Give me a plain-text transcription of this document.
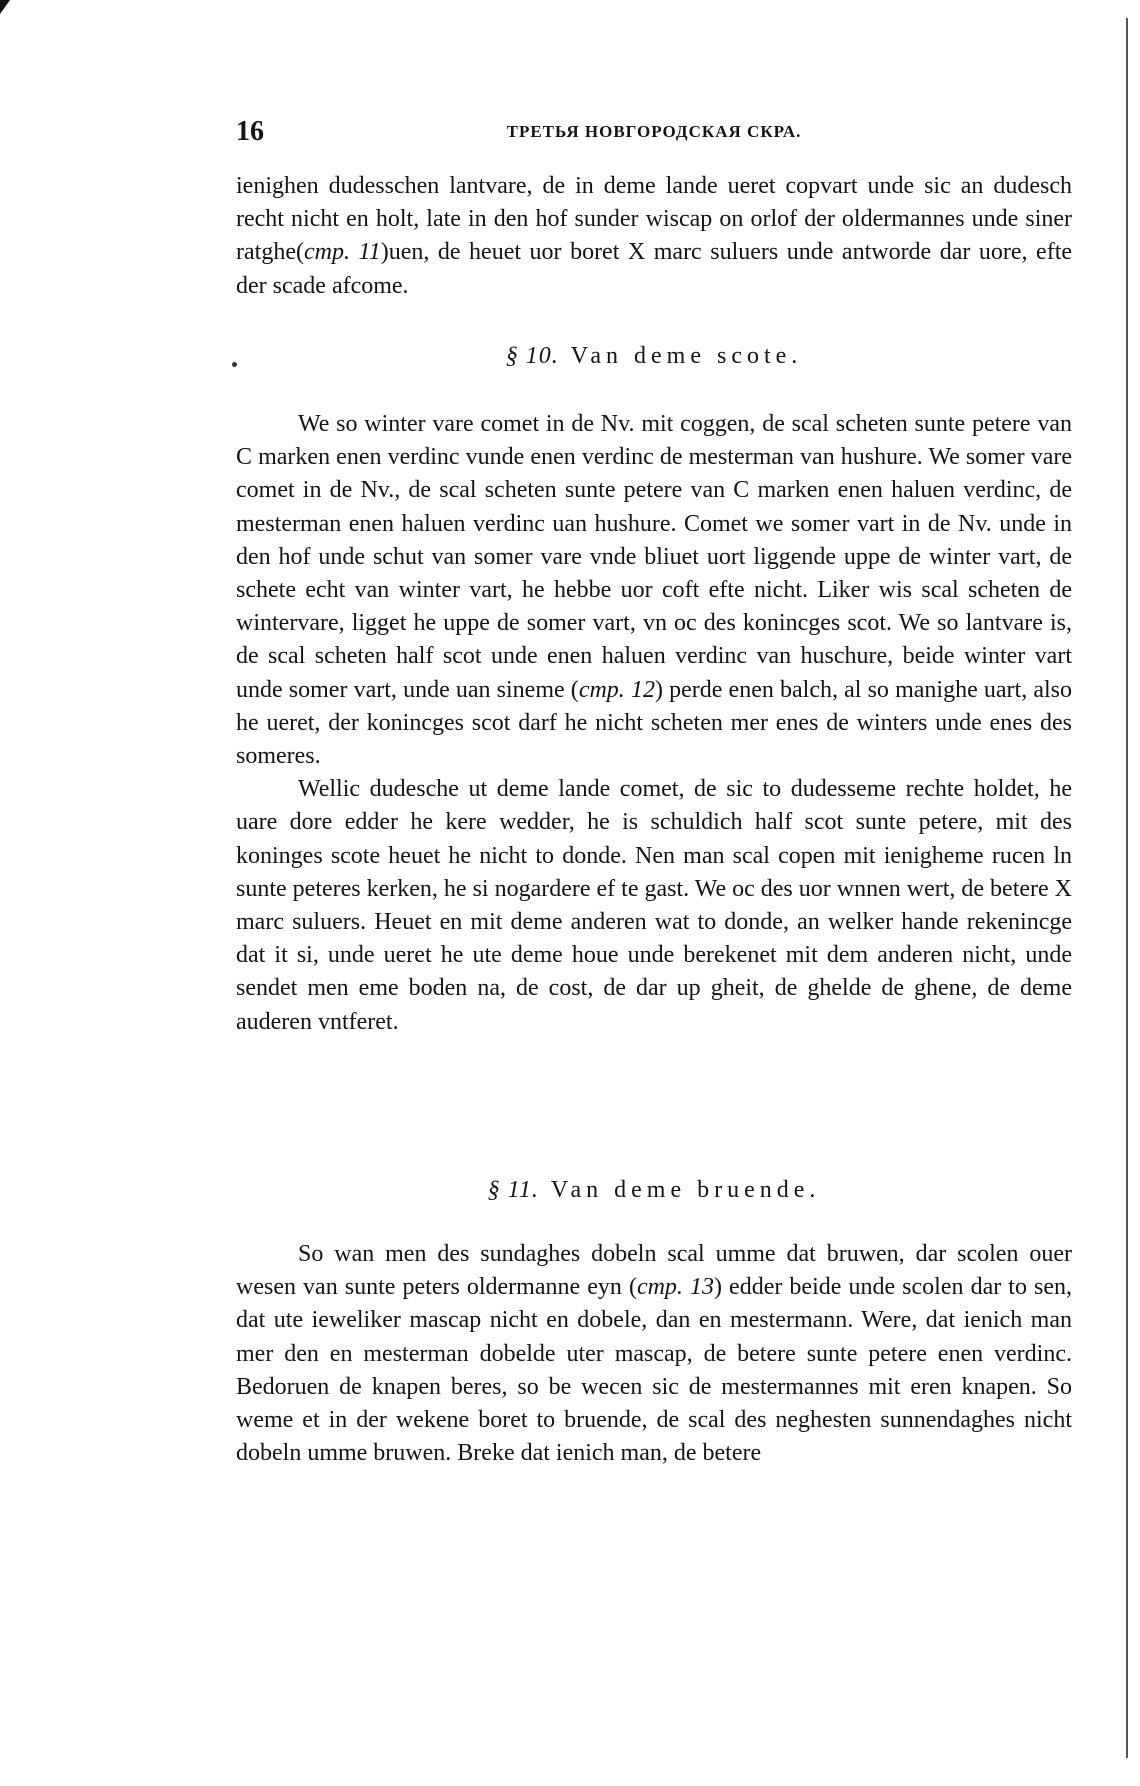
16	ТРЕТЬЯ НОВГОРОДСКАЯ СКРА.

ienighen dudesschen lantvare, de in deme lande ueret copvart unde sic an dudesch recht nicht en holt, late in den hof sunder wiscap on orlof der oldermannes unde siner ratghe(cmp. 11)uen, de heuet uor boret X marc suluers unde antworde dar uore, efte der scade afcome.

§ 10. Van deme scote.

We so winter vare comet in de Nv. mit coggen, de scal scheten sunte petere van C marken enen verdinc vunde enen verdinc de mesterman van hushure. We somer vare comet in de Nv., de scal scheten sunte petere van C marken enen haluen verdinc, de mesterman enen haluen verdinc uan hushure. Comet we somer vart in de Nv. unde in den hof unde schut van somer vare vnde bliuet uort liggende uppe de winter vart, de schete echt van winter vart, he hebbe uor coft efte nicht. Liker wis scal scheten de wintervare, ligget he uppe de somer vart, vn oc des konincges scot. We so lantvare is, de scal scheten half scot unde enen haluen verdinc van huschure, beide winter vart unde somer vart, unde uan sineme (cmp. 12) perde enen balch, al so manighe uart, also he ueret, der konincges scot darf he nicht scheten mer enes de winters unde enes des someres.

Wellic dudesche ut deme lande comet, de sic to dudesseme rechte holdet, he uare dore edder he kere wedder, he is schuldich half scot sunte petere, mit des koninges scote heuet he nicht to donde. Nen man scal copen mit ienigheme rucen ln sunte peteres kerken, he si nogardere ef te gast. We oc des uor wnnen wert, de betere X marc suluers. Heuet en mit deme anderen wat to donde, an welker hande rekenincge dat it si, unde ueret he ute deme houe unde berekenet mit dem anderen nicht, unde sendet men eme boden na, de cost, de dar up gheit, de ghelde de ghene, de deme auderen vntferet.

§ 11. Van deme bruende.

So wan men des sundaghes dobeln scal umme dat bruwen, dar scolen ouer wesen van sunte peters oldermanne eyn (cmp. 13) edder beide unde scolen dar to sen, dat ute ieweliker mascap nicht en dobele, dan en mestermann. Were, dat ienich man mer den en mesterman dobelde uter mascap, de betere sunte petere enen verdinc. Bedoruen de knapen beres, so be wecen sic de mestermannes mit eren knapen. So weme et in der wekene boret to bruende, de scal des neghesten sunnendaghes nicht dobeln umme bruwen. Breke dat ienich man, de betere
